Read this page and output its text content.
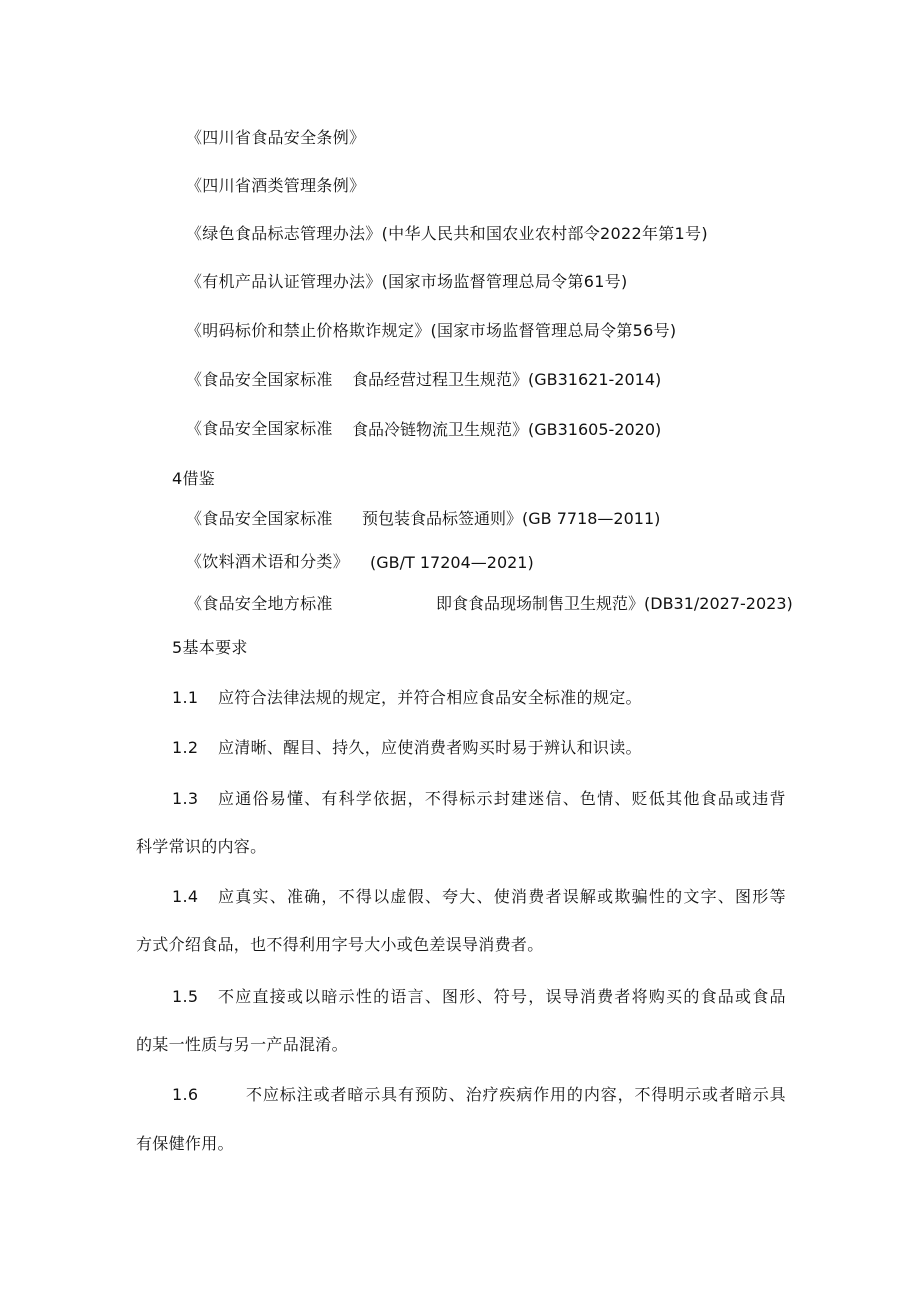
《四川省食品安全条例》
《四川省酒类管理条例》
《绿色食品标志管理办法》(中华人民共和国农业农村部令2022年第1号)
《有机产品认证管理办法》(国家市场监督管理总局令第61号)
《明码标价和禁止价格欺诈规定》(国家市场监督管理总局令第56号)
《食品安全国家标准 食品经营过程卫生规范》(GB31621-2014)
《食品安全国家标准 食品冷链物流卫生规范》(GB31605-2020)
4借鉴
《食品安全国家标准 预包装食品标签通则》(GB 7718—2011)
《饮料酒术语和分类》 (GB/T 17204—2021)
《食品安全地方标准	即食食品现场制售卫生规范》(DB31/2027-2023)
5基本要求
1.1 应符合法律法规的规定，并符合相应食品安全标准的规定。
1.2 应清晰、醒目、持久，应使消费者购买时易于辨认和识读。
1.3 应 通 俗 易 懂 、 有 科 学 依 据 ， 不 得 标 示 封 建 迷 信 、 色 情 、 贬 低 其 他 食 品 或 违 背
科学常识的内容。
1.4 应 真 实 、 准 确 ， 不 得 以 虚 假 、 夸 大 、 使 消 费 者 误 解 或 欺 骗 性 的 文 字 、 图 形 等
方式介绍食品，也不得利用字号大小或色差误导消费者。
1.5 不 应 直 接 或 以 暗 示 性 的 语 言 、 图 形 、 符 号 ， 误 导 消 费 者 将 购 买 的 食 品 或 食 品
的某一性质与另一产品混淆。
1.6	不 应 标 注 或 者 暗 示 具 有 预 防 、 治 疗 疾 病 作 用 的 内 容 ， 不 得 明 示 或 者 暗 示 具
有保健作用。
